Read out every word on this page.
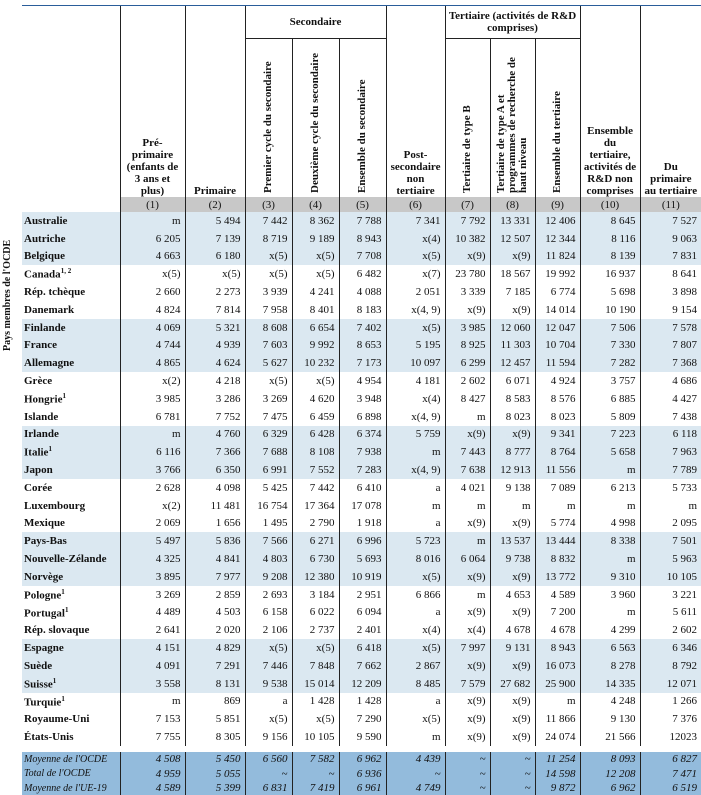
Pays membres de l'OCDE

	Pré-primaire (enfants de 3 ans et plus)	Primaire	Secondaire			Post-secondaire non tertiaire	Tertiaire (activités de R&D comprises)			Ensemble du tertiaire, activités de R&D non comprises	Du primaire au tertiaire

			Premier cycle du secondaire	Deuxième cycle du secondaire	Ensemble du secondaire		Tertiaire de type B	Tertiaire de type A et programmes de recherche de haut niveau	Ensemble du tertiaire		

	(1)	(2)	(3)	(4)	(5)	(6)	(7)	(8)	(9)	(10)	(11)
Australie	m	5 494	7 442	8 362	7 788	7 341	7 792	13 331	12 406	8 645	7 527
Autriche	6 205	7 139	8 719	9 189	8 943	x(4)	10 382	12 507	12 344	8 116	9 063
Belgique	4 663	6 180	x(5)	x(5)	7 708	x(5)	x(9)	x(9)	11 824	8 139	7 831
Canada$^{1, 2}$	x(5)	x(5)	x(5)	x(5)	6 482	x(7)	23 780	18 567	19 992	16 937	8 641
Rép. tchèque	2 660	2 273	3 939	4 241	4 088	2 051	3 339	7 185	6 774	5 698	3 898
Danemark	4 824	7 814	7 958	8 401	8 183	x(4, 9)	x(9)	x(9)	14 014	10 190	9 154
Finlande	4 069	5 321	8 608	6 654	7 402	x(5)	3 985	12 060	12 047	7 506	7 578
France	4 744	4 939	7 603	9 992	8 653	5 195	8 925	11 303	10 704	7 330	7 807
Allemagne	4 865	4 624	5 627	10 232	7 173	10 097	6 299	12 457	11 594	7 282	7 368
Grèce	x(2)	4 218	x(5)	x(5)	4 954	4 181	2 602	6 071	4 924	3 757	4 686
Hongrie$^1$	3 985	3 286	3 269	4 620	3 948	x(4)	8 427	8 583	8 576	6 885	4 427
Islande	6 781	7 752	7 475	6 459	6 898	x(4, 9)	m	8 023	8 023	5 809	7 438
Irlande	m	4 760	6 329	6 428	6 374	5 759	x(9)	x(9)	9 341	7 223	6 118
Italie$^1$	6 116	7 366	7 688	8 108	7 938	m	7 443	8 777	8 764	5 658	7 963
Japon	3 766	6 350	6 991	7 552	7 283	x(4, 9)	7 638	12 913	11 556	m	7 789
Corée	2 628	4 098	5 425	7 442	6 410	a	4 021	9 138	7 089	6 213	5 733
Luxembourg	x(2)	11 481	16 754	17 364	17 078	m	m	m	m	m	m
Mexique	2 069	1 656	1 495	2 790	1 918	a	x(9)	x(9)	5 774	4 998	2 095
Pays-Bas	5 497	5 836	7 566	6 271	6 996	5 723	m	13 537	13 444	8 338	7 501
Nouvelle-Zélande	4 325	4 841	4 803	6 730	5 693	8 016	6 064	9 738	8 832	m	5 963
Norvège	3 895	7 977	9 208	12 380	10 919	x(5)	x(9)	x(9)	13 772	9 310	10 105
Pologne$^1$	3 269	2 859	2 693	3 184	2 951	6 866	m	4 653	4 589	3 960	3 221
Portugal$^1$	4 489	4 503	6 158	6 022	6 094	a	x(9)	x(9)	7 200	m	5 611
Rép. slovaque	2 641	2 020	2 106	2 737	2 401	x(4)	x(4)	4 678	4 678	4 299	2 602
Espagne	4 151	4 829	x(5)	x(5)	6 418	x(5)	7 997	9 131	8 943	6 563	6 346
Suède	4 091	7 291	7 446	7 848	7 662	2 867	x(9)	x(9)	16 073	8 278	8 792
Suisse$^1$	3 558	8 131	9 538	15 014	12 209	8 485	7 579	27 682	25 900	14 335	12 071
Turquie$^1$	m	869	a	1 428	1 428	a	x(9)	x(9)	m	4 248	1 266
Royaume-Uni	7 153	5 851	x(5)	x(5)	7 290	x(5)	x(9)	x(9)	11 866	9 130	7 376
États-Unis	7 755	8 305	9 156	10 105	9 590	m	x(9)	x(9)	24 074	21 566	12023
Moyenne de l'OCDE	4 508	5 450	6 560	7 582	6 962	4 439	~	~	11 254	8 093	6 827
Total de l'OCDE	4 959	5 055	~	~	6 936	~	~	~	14 598	12 208	7 471
Moyenne de l'UE-19	4 589	5 399	6 831	7 419	6 961	4 749	~	~	9 872	6 962	6 519
